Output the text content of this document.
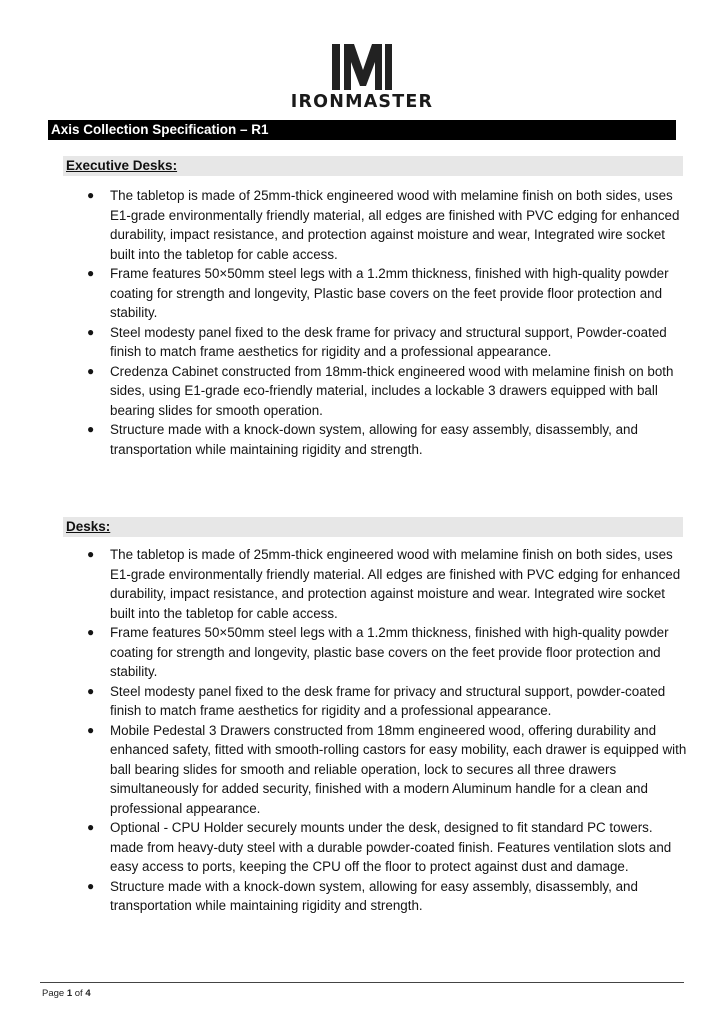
IRONMASTER
Axis Collection Specification – R1
Executive Desks:
● The tabletop is made of 25mm-thick engineered wood with melamine finish on both sides, uses E1-grade environmentally friendly material, all edges are finished with PVC edging for enhanced durability, impact resistance, and protection against moisture and wear, Integrated wire socket built into the tabletop for cable access.
● Frame features 50×50mm steel legs with a 1.2mm thickness, finished with high-quality powder coating for strength and longevity, Plastic base covers on the feet provide floor protection and stability.
● Steel modesty panel fixed to the desk frame for privacy and structural support, Powder-coated finish to match frame aesthetics for rigidity and a professional appearance.
● Credenza Cabinet constructed from 18mm-thick engineered wood with melamine finish on both sides, using E1-grade eco-friendly material, includes a lockable 3 drawers equipped with ball bearing slides for smooth operation.
● Structure made with a knock-down system, allowing for easy assembly, disassembly, and transportation while maintaining rigidity and strength.
Desks:
● The tabletop is made of 25mm-thick engineered wood with melamine finish on both sides, uses E1-grade environmentally friendly material. All edges are finished with PVC edging for enhanced durability, impact resistance, and protection against moisture and wear. Integrated wire socket built into the tabletop for cable access.
● Frame features 50×50mm steel legs with a 1.2mm thickness, finished with high-quality powder coating for strength and longevity, plastic base covers on the feet provide floor protection and stability.
● Steel modesty panel fixed to the desk frame for privacy and structural support, powder-coated finish to match frame aesthetics for rigidity and a professional appearance.
● Mobile Pedestal 3 Drawers constructed from 18mm engineered wood, offering durability and enhanced safety, fitted with smooth-rolling castors for easy mobility, each drawer is equipped with ball bearing slides for smooth and reliable operation, lock to secures all three drawers simultaneously for added security, finished with a modern Aluminum handle for a clean and professional appearance.
● Optional - CPU Holder securely mounts under the desk, designed to fit standard PC towers. made from heavy-duty steel with a durable powder-coated finish. Features ventilation slots and easy access to ports, keeping the CPU off the floor to protect against dust and damage.
● Structure made with a knock-down system, allowing for easy assembly, disassembly, and transportation while maintaining rigidity and strength.
Page 1 of 4
